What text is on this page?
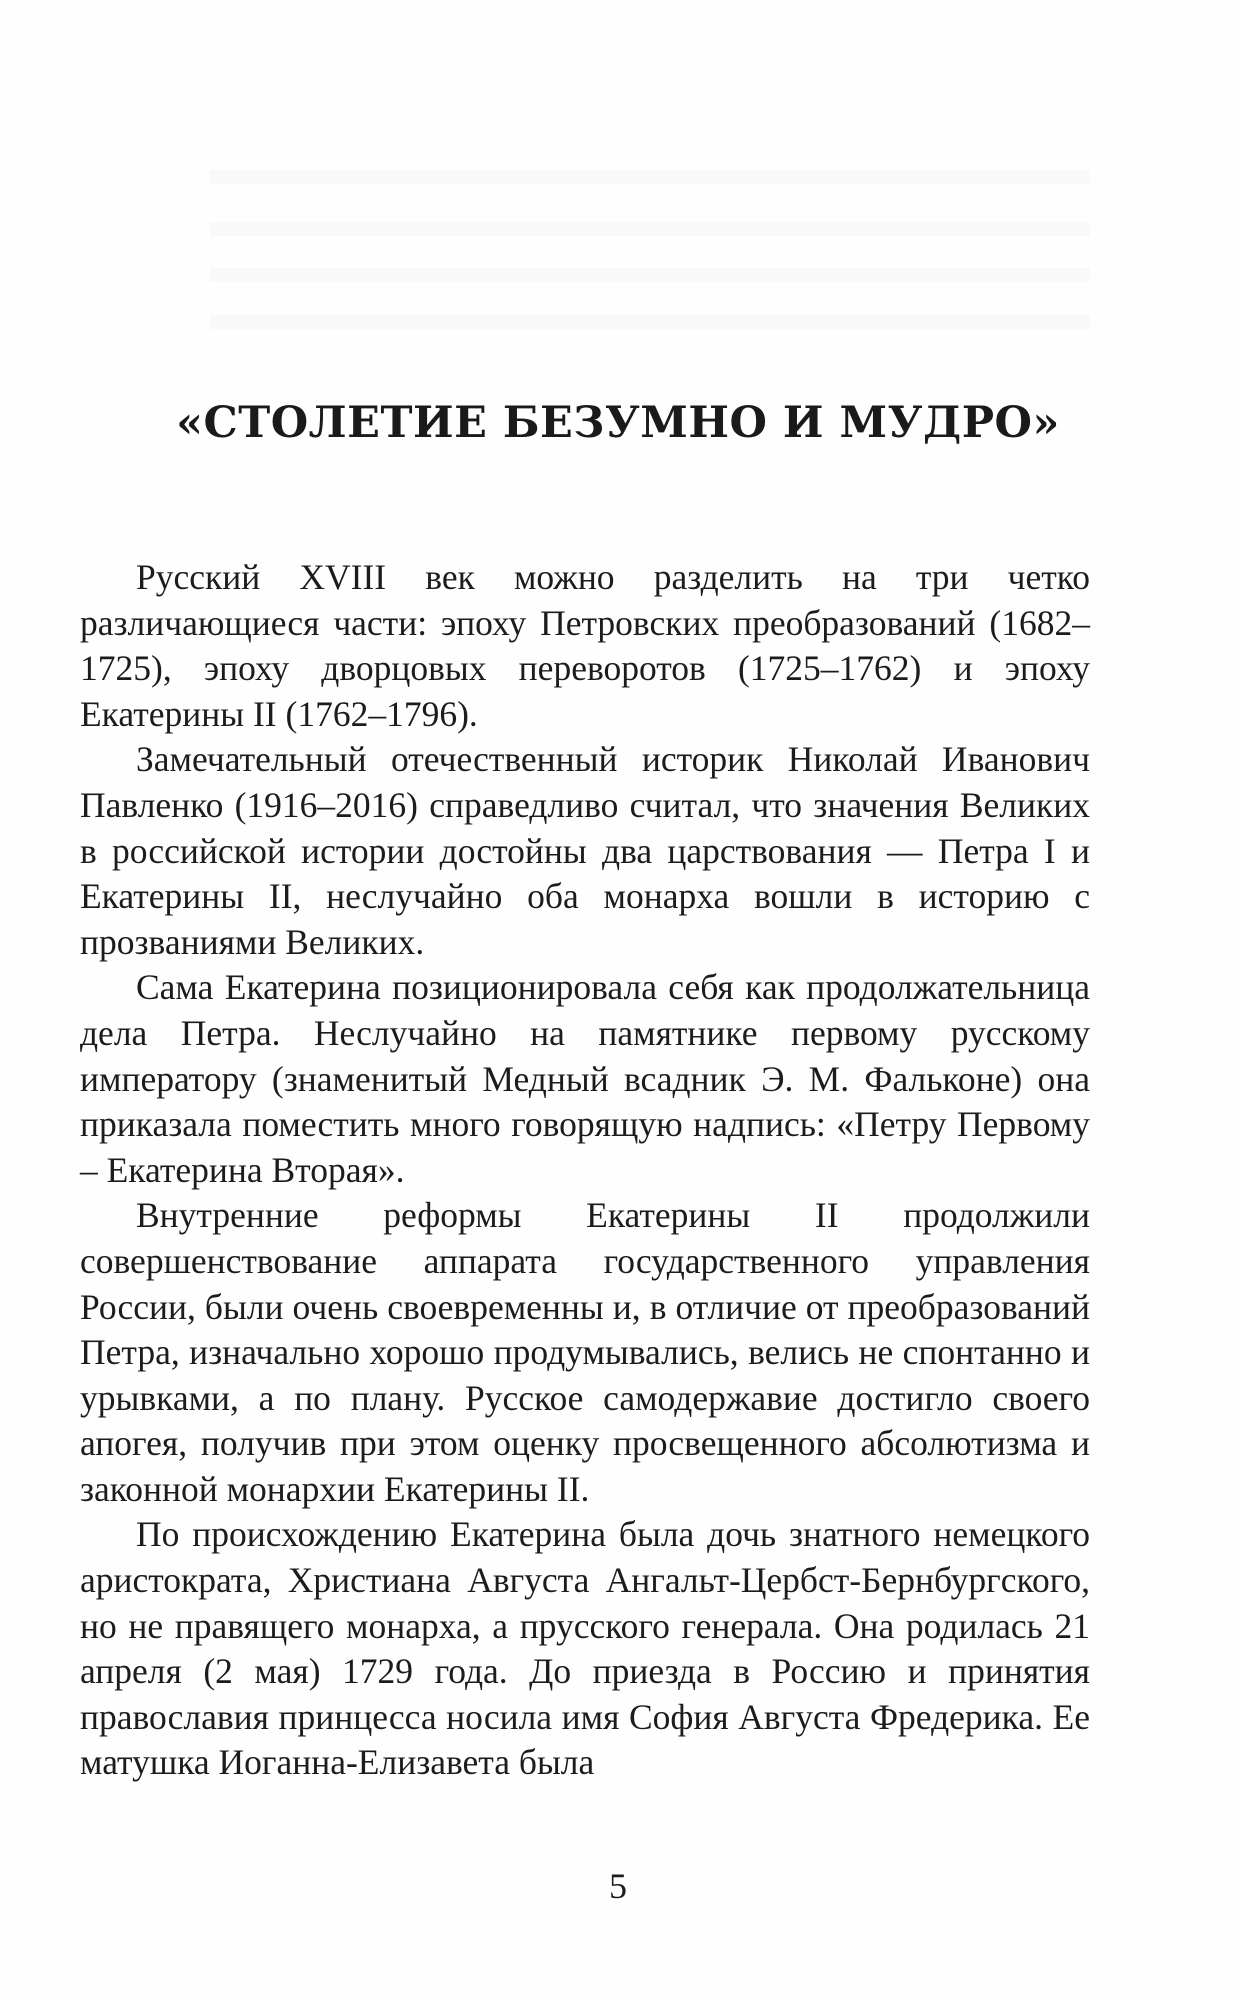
«СТОЛЕТИЕ БЕЗУМНО И МУДРО»

Русский XVIII век можно разделить на три четко различающиеся части: эпоху Петровских преобразований (1682–1725), эпоху дворцовых переворотов (1725–1762) и эпоху Екатерины II (1762–1796).

Замечательный отечественный историк Николай Иванович Павленко (1916–2016) справедливо считал, что значения Великих в российской истории достойны два царствования — Петра I и Екатерины II, неслучайно оба монарха вошли в историю с прозваниями Великих.

Сама Екатерина позиционировала себя как продолжательница дела Петра. Неслучайно на памятнике первому русскому императору (знаменитый Медный всадник Э. М. Фальконе) она приказала поместить много говорящую надпись: «Петру Первому – Екатерина Вторая».

Внутренние реформы Екатерины II продолжили совершенствование аппарата государственного управления России, были очень своевременны и, в отличие от преобразований Петра, изначально хорошо продумывались, велись не спонтанно и урывками, а по плану. Русское самодержавие достигло своего апогея, получив при этом оценку просвещенного абсолютизма и законной монархии Екатерины II.

По происхождению Екатерина была дочь знатного немецкого аристократа, Христиана Августа Ангальт-Цербст-Бернбургского, но не правящего монарха, а прусского генерала. Она родилась 21 апреля (2 мая) 1729 года. До приезда в Россию и принятия православия принцесса носила имя София Августа Фредерика. Ее матушка Иоганна-Елизавета была

5
